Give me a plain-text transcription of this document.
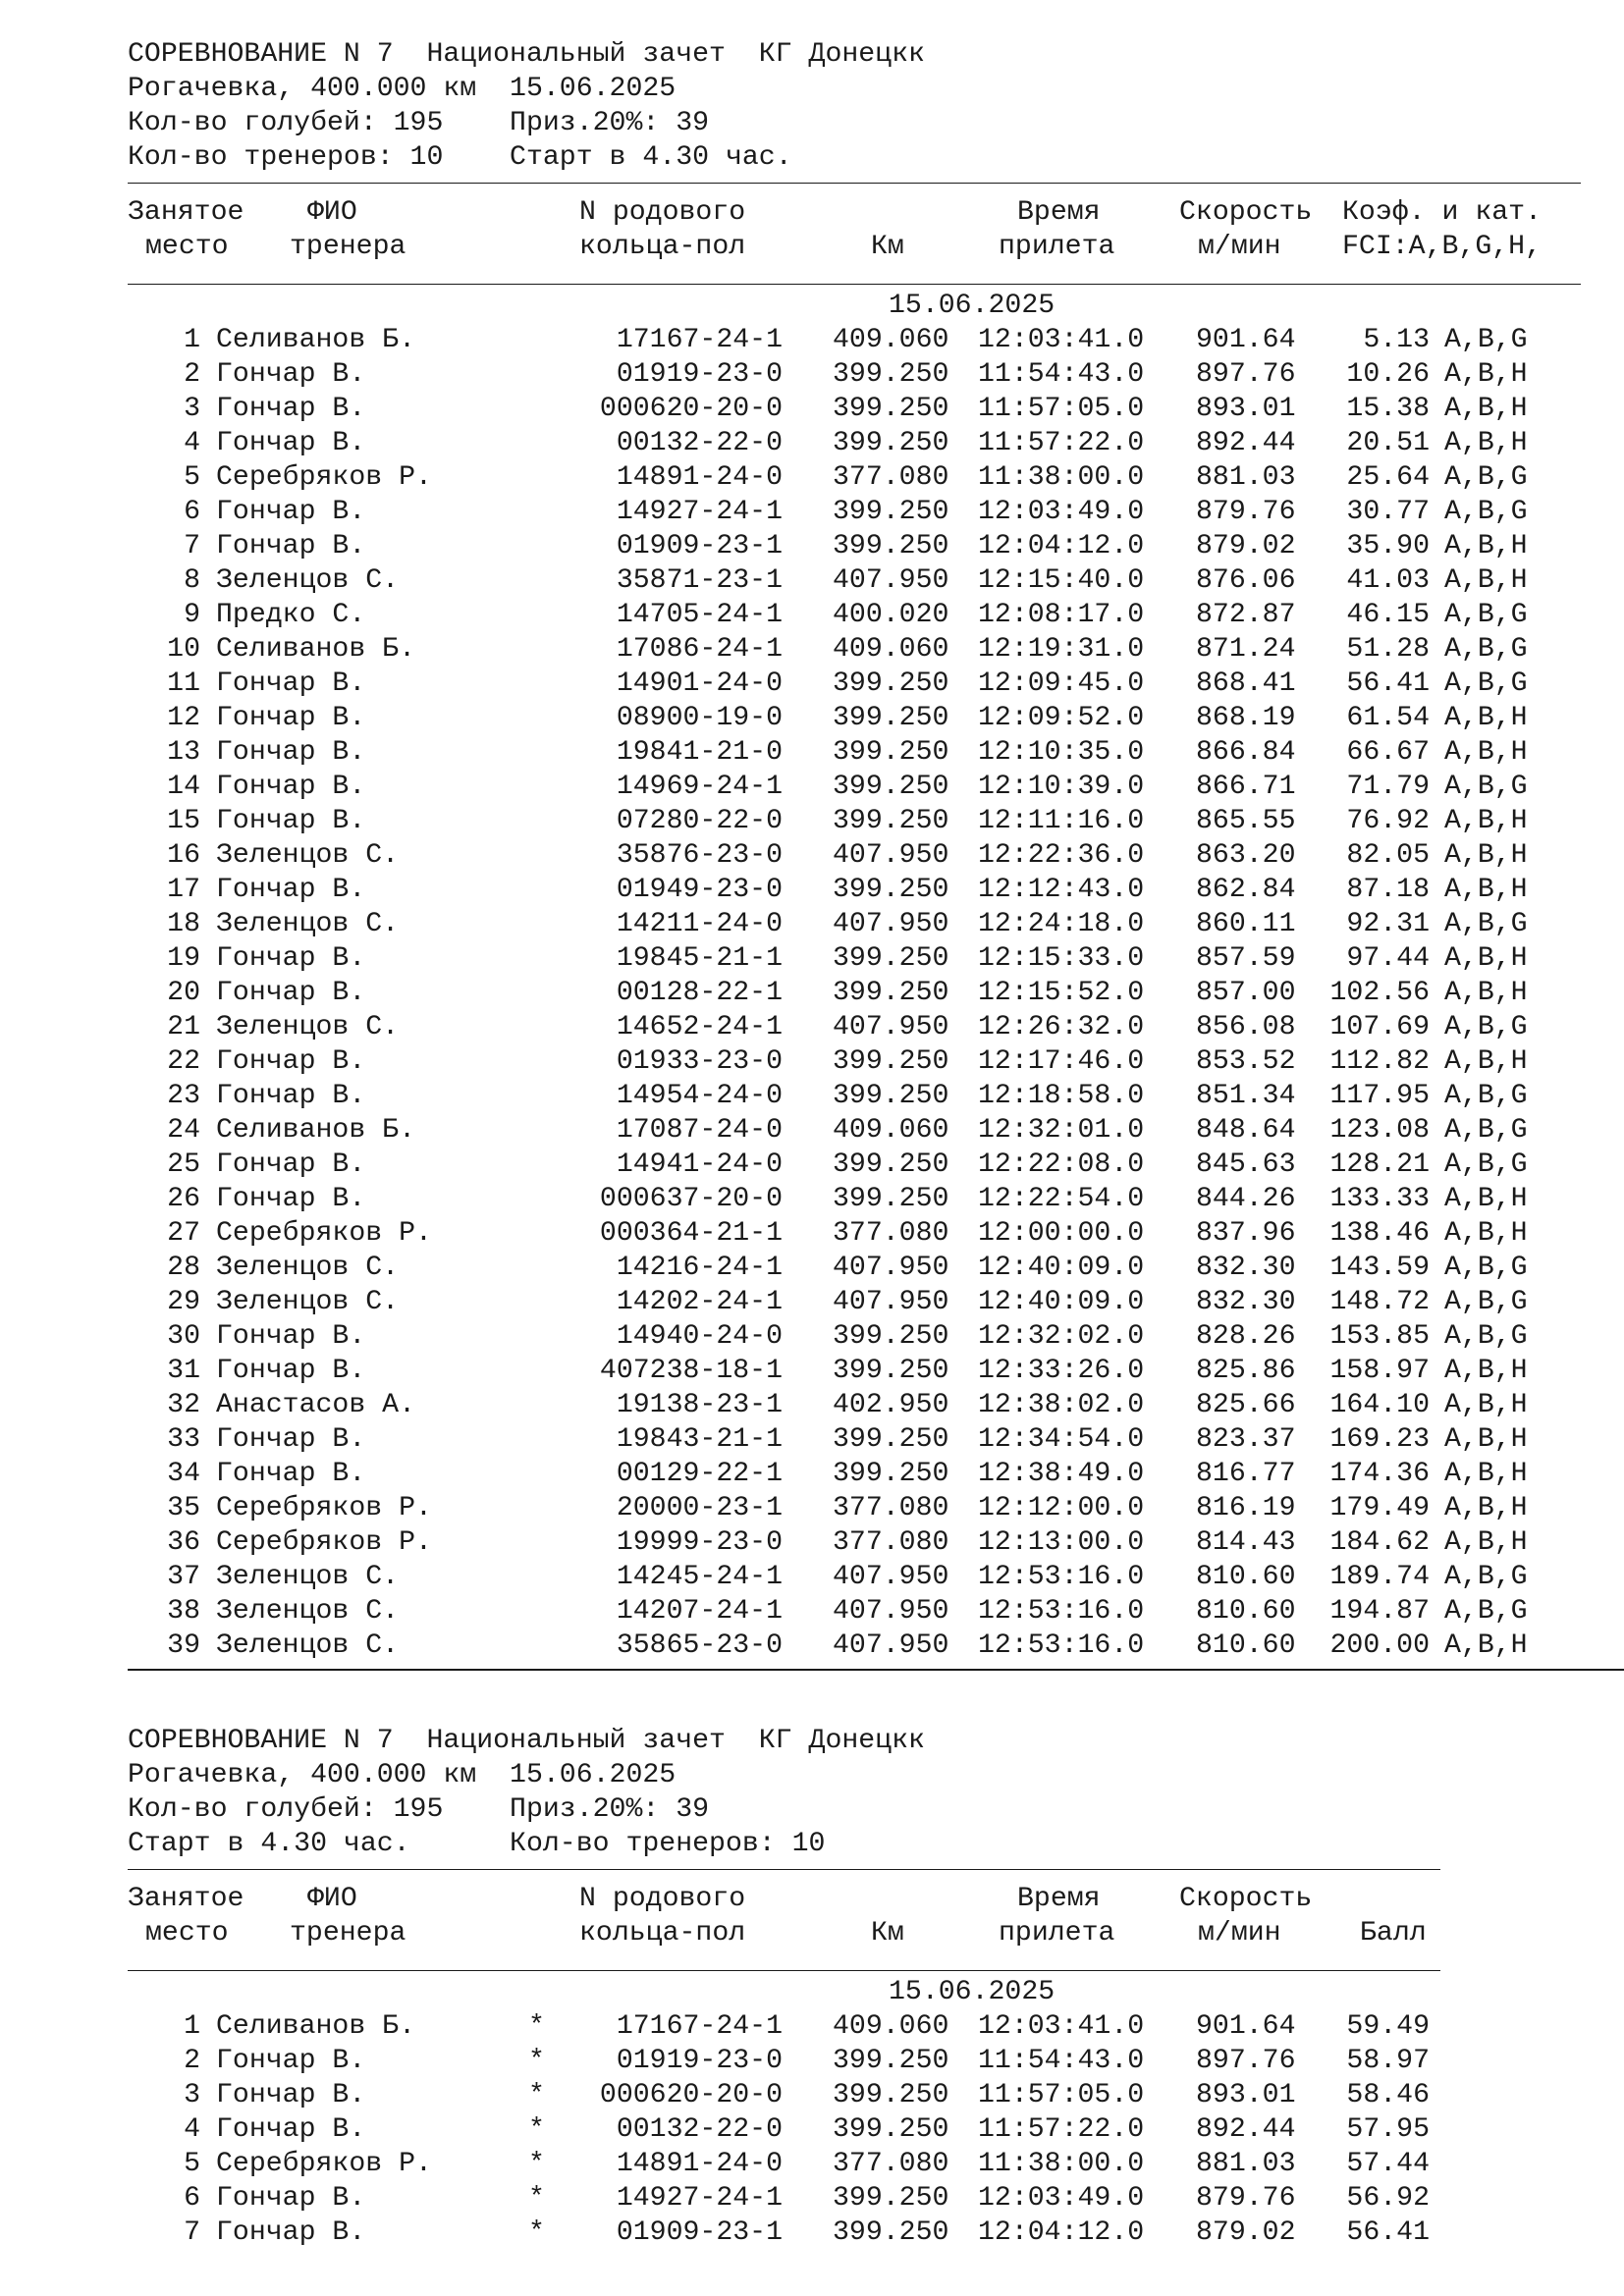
СОРЕВНОВАНИЕ N 7  Национальный зачет  КГ Донецкк
Рогачевка, 400.000 км  15.06.2025
Кол-во голубей: 195    Приз.20%: 39
Кол-во тренеров: 10    Старт в 4.30 час.
Занятое
место
ФИО
тренера
N родового
кольца-пол	Км
Время
прилета
Скорость
м/мин
Коэф. и кат.
FCI:A,B,G,H,
15.06.2025
1 Селиванов Б.	17167-24-1 409.060 12:03:41.0 901.64	5.13 A,B,G
2 Гончар В.	01919-23-0 399.250 11:54:43.0 897.76	10.26 A,B,H
3 Гончар В.	000620-20-0 399.250 11:57:05.0 893.01	15.38 A,B,H
4 Гончар В.	00132-22-0 399.250 11:57:22.0 892.44	20.51 A,B,H
5 Серебряков Р.	14891-24-0 377.080 11:38:00.0 881.03	25.64 A,B,G
6 Гончар В.	14927-24-1 399.250 12:03:49.0 879.76	30.77 A,B,G
7 Гончар В.	01909-23-1 399.250 12:04:12.0 879.02	35.90 A,B,H
8 Зеленцов С.	35871-23-1 407.950 12:15:40.0 876.06	41.03 A,B,H
9 Предко С.	14705-24-1 400.020 12:08:17.0 872.87	46.15 A,B,G
10 Селиванов Б.	17086-24-1 409.060 12:19:31.0 871.24	51.28 A,B,G
11 Гончар В.	14901-24-0 399.250 12:09:45.0 868.41	56.41 A,B,G
12 Гончар В.	08900-19-0 399.250 12:09:52.0 868.19	61.54 A,B,H
13 Гончар В.	19841-21-0 399.250 12:10:35.0 866.84	66.67 A,B,H
14 Гончар В.	14969-24-1 399.250 12:10:39.0 866.71	71.79 A,B,G
15 Гончар В.	07280-22-0 399.250 12:11:16.0 865.55	76.92 A,B,H
16 Зеленцов С.	35876-23-0 407.950 12:22:36.0 863.20	82.05 A,B,H
17 Гончар В.	01949-23-0 399.250 12:12:43.0 862.84	87.18 A,B,H
18 Зеленцов С.	14211-24-0 407.950 12:24:18.0 860.11	92.31 A,B,G
19 Гончар В.	19845-21-1 399.250 12:15:33.0 857.59	97.44 A,B,H
20 Гончар В.	00128-22-1 399.250 12:15:52.0 857.00	102.56 A,B,H
21 Зеленцов С.	14652-24-1 407.950 12:26:32.0 856.08	107.69 A,B,G
22 Гончар В.	01933-23-0 399.250 12:17:46.0 853.52	112.82 A,B,H
23 Гончар В.	14954-24-0 399.250 12:18:58.0 851.34	117.95 A,B,G
24 Селиванов Б.	17087-24-0 409.060 12:32:01.0 848.64	123.08 A,B,G
25 Гончар В.	14941-24-0 399.250 12:22:08.0 845.63	128.21 A,B,G
26 Гончар В.	000637-20-0 399.250 12:22:54.0 844.26	133.33 A,B,H
27 Серебряков Р.	000364-21-1 377.080 12:00:00.0 837.96	138.46 A,B,H
28 Зеленцов С.	14216-24-1 407.950 12:40:09.0 832.30	143.59 A,B,G
29 Зеленцов С.	14202-24-1 407.950 12:40:09.0 832.30	148.72 A,B,G
30 Гончар В.	14940-24-0 399.250 12:32:02.0 828.26	153.85 A,B,G
31 Гончар В.	407238-18-1 399.250 12:33:26.0 825.86	158.97 A,B,H
32 Анастасов А.	19138-23-1 402.950 12:38:02.0 825.66	164.10 A,B,H
33 Гончар В.	19843-21-1 399.250 12:34:54.0 823.37	169.23 A,B,H
34 Гончар В.	00129-22-1 399.250 12:38:49.0 816.77	174.36 A,B,H
35 Серебряков Р.	20000-23-1 377.080 12:12:00.0 816.19	179.49 A,B,H
36 Серебряков Р.	19999-23-0 377.080 12:13:00.0 814.43	184.62 A,B,H
37 Зеленцов С.	14245-24-1 407.950 12:53:16.0 810.60	189.74 A,B,G
38 Зеленцов С.	14207-24-1 407.950 12:53:16.0 810.60	194.87 A,B,G
39 Зеленцов С.	35865-23-0 407.950 12:53:16.0 810.60	200.00 A,B,H
СОРЕВНОВАНИЕ N 7  Национальный зачет  КГ Донецкк
Рогачевка, 400.000 км  15.06.2025
Кол-во голубей: 195    Приз.20%: 39
Старт в 4.30 час.      Кол-во тренеров: 10
Занятое
место
ФИО
тренера
N родового
кольца-пол	Км
Время
прилета
Скорость
м/мин	Балл
15.06.2025
1 Селиванов Б.	*	17167-24-1 409.060 12:03:41.0 901.64 59.49
2 Гончар В.	*	01919-23-0 399.250 11:54:43.0 897.76 58.97
3 Гончар В.	*	000620-20-0 399.250 11:57:05.0 893.01 58.46
4 Гончар В.	*	00132-22-0 399.250 11:57:22.0 892.44 57.95
5 Серебряков Р.	*	14891-24-0 377.080 11:38:00.0 881.03 57.44
6 Гончар В.	*	14927-24-1 399.250 12:03:49.0 879.76 56.92
7 Гончар В.	*	01909-23-1 399.250 12:04:12.0 879.02 56.41
